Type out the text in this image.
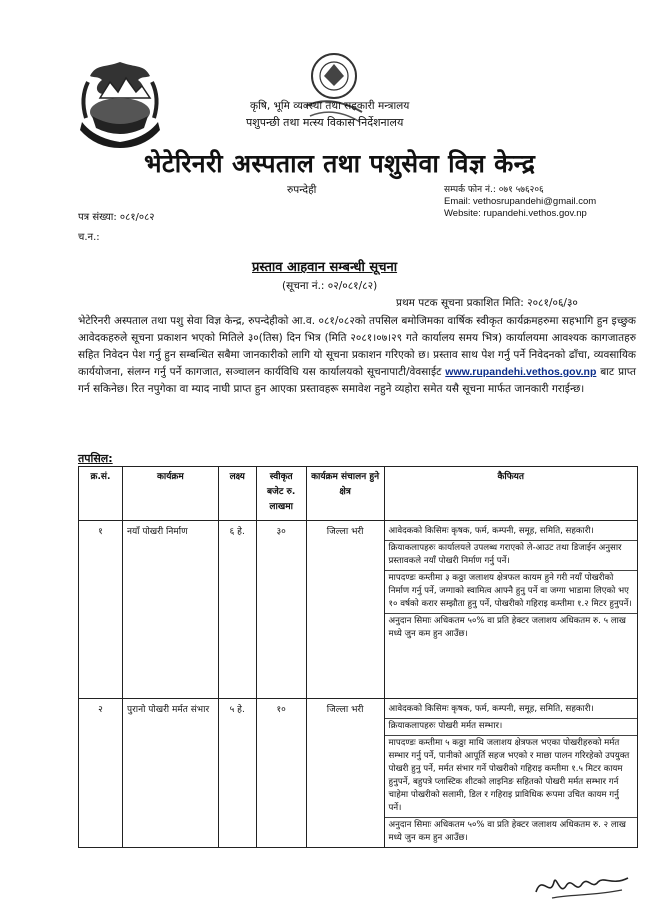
कृषि, भूमि व्यवस्था तथा सहकारी मन्त्रालय
पशुपन्छी तथा मत्स्य विकास निर्देशनालय
भेटेरिनरी अस्पताल तथा पशुसेवा विज्ञ केन्द्र
रुपन्देही	सम्पर्क फोन नं.: ०७१ ५७६२०६
Email: vethosrupandehi@gmail.com
Website: rupandehi.vethos.gov.np
पत्र संख्या: ०८१/०८२
च.न.:
प्रस्ताव आहवान सम्बन्धी सूचना
(सूचना नं.: ०२/०८१/८२)
प्रथम पटक सूचना प्रकाशित मिति: २०८१/०६/३०
भेटेरिनरी अस्पताल तथा पशु सेवा विज्ञ केन्द्र, रुपन्देहीको आ.व. ०८१/०८२को तपसिल बमोजिमका वार्षिक स्वीकृत कार्यक्रमहरुमा सहभागि हुन इच्छुक आवेदकहरुले सूचना प्रकाशन भएको मितिले ३०(तिस) दिन भित्र (मिति २०८१।०७।२९ गते कार्यालय समय भित्र) कार्यालयमा आवश्यक कागजातहरु सहित निवेदन पेश गर्नु हुन सम्बन्धित सबैमा जानकारीको लागि यो सूचना प्रकाशन गरिएको छ। प्रस्ताव साथ पेश गर्नु पर्ने निवेदनको ढाँचा, व्यवसायिक कार्ययोजना, संलग्न गर्नु पर्ने कागजात, सञ्चालन कार्यविधि यस कार्यालयको सूचनापाटी/वेवसाईट www.rupandehi.vethos.gov.np बाट प्राप्त गर्न सकिनेछ। रित नपुगेका वा म्याद नाघी प्राप्त हुन आएका प्रस्तावहरू समावेश नहुने व्यहोरा समेत यसै सूचना मार्फत जानकारी गराईन्छ।
तपसिल:
क्र.सं.	कार्यक्रम	लक्ष्य	स्वीकृत बजेट रु. लाखमा	कार्यक्रम संचालन हुने क्षेत्र	कैफियत
१	नयाँ पोखरी निर्माण	६ हे.	३०	जिल्ला भरी	आवेदकको किसिमः कृषक, फर्म, कम्पनी, समूह, समिति, सहकारी।
क्रियाकलापहरुः कार्यालयले उपलब्ध गराएको ले-आउट तथा डिजाईन अनुसार प्रस्तावकले नयाँ पोखरी निर्माण गर्नु पर्ने।
मापदण्डः कम्तीमा ३ कठ्ठा जलाशय क्षेत्रफल कायम हुने गरी नयाँ पोखरीको निर्माण गर्नु पर्ने, जग्गाको स्वामित्व आफ्नै हुनु पर्ने वा जग्गा भाडामा लिएको भए १० वर्षको करार सम्झौता हुनु पर्ने, पोखरीको गहिराइ कम्तीमा १.२ मिटर हुनुपर्ने।
अनुदान सिमाः अधिकतम ५०% वा प्रति हेक्टर जलाशय अधिकतम रु. ५ लाख मध्ये जुन कम हुन आउँछ।

२	पुरानो पोखरी मर्मत संभार	५ हे.	१०	जिल्ला भरी	आवेदकको किसिमः कृषक, फर्म, कम्पनी, समूह, समिति, सहकारी।
क्रियाकलापहरुः पोखरी मर्मत सम्भार।
मापदण्डः कम्तीमा ५ कठ्ठा माथि जलाशय क्षेत्रफल भएका पोखरीहरुको मर्मत सम्भार गर्नु पर्ने, पानीको आपूर्ति सहज भएको र माछा पालन गरिरहेको उपयुक्त पोखरी हुनु पर्ने, मर्मत संभार गर्ने पोखरीको गहिराइ कम्तीमा १.५ मिटर कायम हुनुपर्ने, बहुपत्रे प्लास्टिक शीटको लाइनिङ सहितको पोखरी मर्मत सम्भार गर्न चाहेमा पोखरीको सलामी, डिल र गहिराइ प्राविधिक रूपमा उचित कायम गर्नु पर्ने।
अनुदान सिमाः अधिकतम ५०% वा प्रति हेक्टर जलाशय अधिकतम रु. २ लाख मध्ये जुन कम हुन आउँछ।
